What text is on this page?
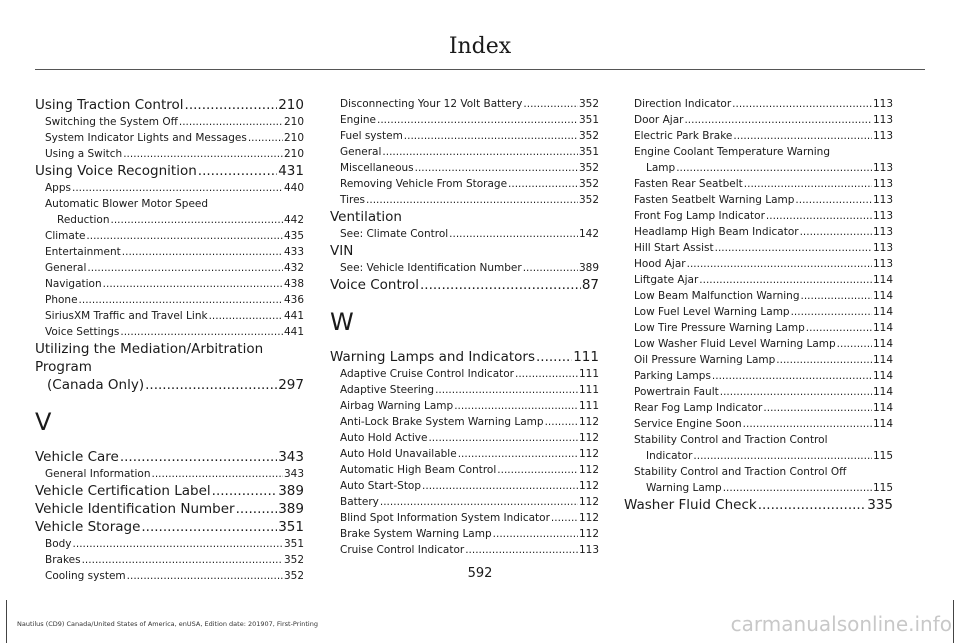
Index
Using Traction Control .....	210
Switching the System Off .....	210
System Indicator Lights and Messages .....	210
Using a Switch .....	210
Using Voice Recognition .....	431
Apps .....	440
Automatic Blower Motor Speed
Reduction .....	442
Climate .....	435
Entertainment .....	433
General .....	432
Navigation .....	438
Phone .....	436
SiriusXM Traffic and Travel Link .....	441
Voice Settings .....	441
Utilizing the Mediation/Arbitration Program
(Canada Only) .....	297
V
Vehicle Care .....	343
General Information .....	343
Vehicle Certification Label .....	389
Vehicle Identification Number .....	389
Vehicle Storage .....	351
Body .....	351
Brakes .....	352
Cooling system .....	352
Disconnecting Your 12 Volt Battery .....	352
Engine .....	351
Fuel system .....	352
General .....	351
Miscellaneous .....	352
Removing Vehicle From Storage .....	352
Tires .....	352
Ventilation
See: Climate Control .....	142
VIN
See: Vehicle Identification Number .....	389
Voice Control .....	87
W
Warning Lamps and Indicators .....	111
Adaptive Cruise Control Indicator .....	111
Adaptive Steering .....	111
Airbag Warning Lamp .....	111
Anti-Lock Brake System Warning Lamp .....	112
Auto Hold Active .....	112
Auto Hold Unavailable .....	112
Automatic High Beam Control .....	112
Auto Start-Stop .....	112
Battery .....	112
Blind Spot Information System Indicator .....	112
Brake System Warning Lamp .....	112
Cruise Control Indicator .....	113
Direction Indicator .....	113
Door Ajar .....	113
Electric Park Brake .....	113
Engine Coolant Temperature Warning
Lamp .....	113
Fasten Rear Seatbelt .....	113
Fasten Seatbelt Warning Lamp .....	113
Front Fog Lamp Indicator .....	113
Headlamp High Beam Indicator .....	113
Hill Start Assist .....	113
Hood Ajar .....	113
Liftgate Ajar .....	114
Low Beam Malfunction Warning .....	114
Low Fuel Level Warning Lamp .....	114
Low Tire Pressure Warning Lamp .....	114
Low Washer Fluid Level Warning Lamp .....	114
Oil Pressure Warning Lamp .....	114
Parking Lamps .....	114
Powertrain Fault .....	114
Rear Fog Lamp Indicator .....	114
Service Engine Soon .....	114
Stability Control and Traction Control
Indicator .....	115
Stability Control and Traction Control Off
Warning Lamp .....	115
Washer Fluid Check .....	335
592
Nautilus (CD9) Canada/United States of America, enUSA, Edition date: 201907, First-Printing	carmanualsonline.info
